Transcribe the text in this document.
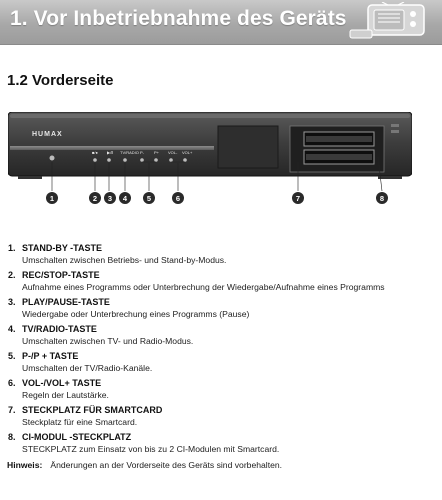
1. Vor Inbetriebnahme des Geräts
1.2 Vorderseite
HUMAX
■/● ▶/Ⅱ TV/RADIO P-	P+ VOL- VOL+
1	2 3 4	5	6	7	8
1. STAND-BY -TASTE
Umschalten zwischen Betriebs- und Stand-by-Modus.
2. REC/STOP-TASTE
Aufnahme eines Programms oder Unterbrechung der Wiedergabe/Aufnahme eines Programms
3. PLAY/PAUSE-TASTE
Wiedergabe oder Unterbrechung eines Programms (Pause)
4. TV/RADIO-TASTE
Umschalten zwischen TV- und Radio-Modus.
5. P-/P + TASTE
Umschalten der TV/Radio-Kanäle.
6. VOL-/VOL+ TASTE
Regeln der Lautstärke.
7. STECKPLATZ FÜR SMARTCARD
Steckplatz für eine Smartcard.
8. CI-MODUL -STECKPLATZ
STECKPLATZ zum Einsatz von bis zu 2 CI-Modulen mit Smartcard.
Hinweis: Änderungen an der Vorderseite des Geräts sind vorbehalten.
